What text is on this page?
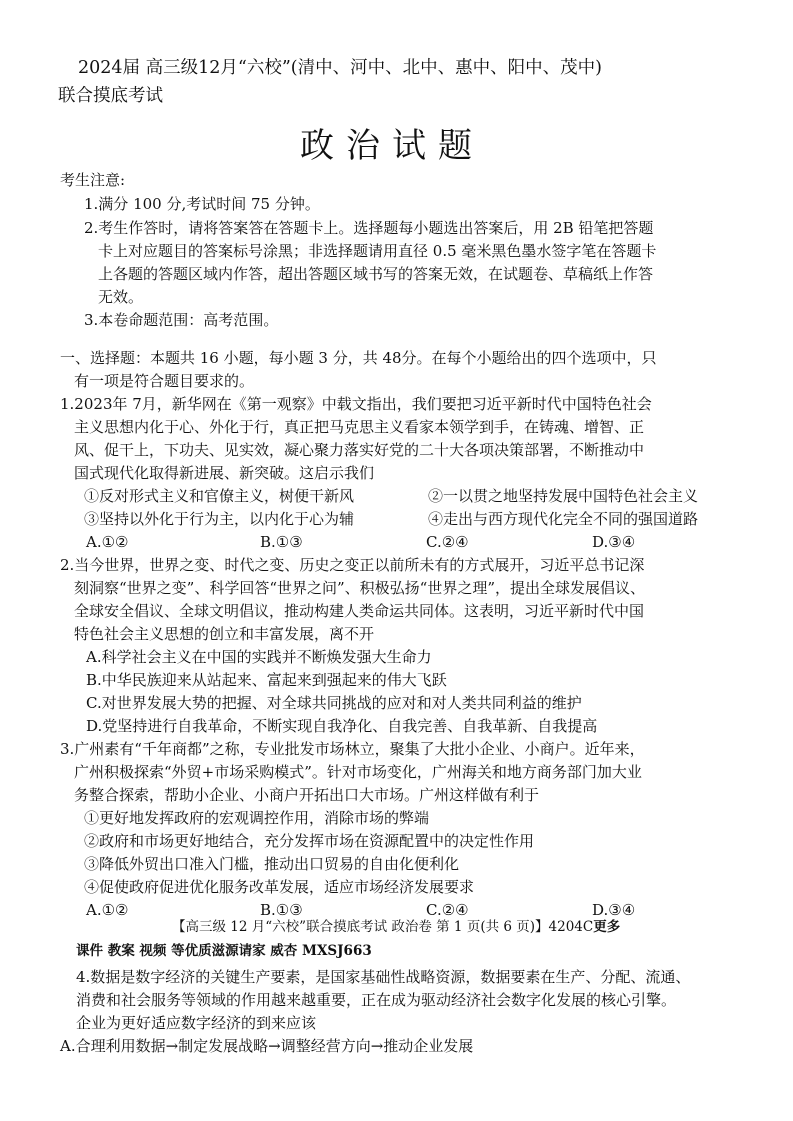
2024届 高三级12月“六校”(清中、河中、北中、惠中、阳中、茂中)
联合摸底考试
政治试题
考生注意:
1.满分 100 分,考试时间 75 分钟。
2.考生作答时，请将答案答在答题卡上。选择题每小题选出答案后，用 2B 铅笔把答题
卡上对应题目的答案标号涂黑；非选择题请用直径 0.5 毫米黑色墨水签字笔在答题卡
上各题的答题区域内作答，超出答题区域书写的答案无效，在试题卷、草稿纸上作答
无效。
3.本卷命题范围：高考范围。
一、选择题：本题共 16 小题，每小题 3 分，共 48分。在每个小题给出的四个选项中，只
有一项是符合题目要求的。
1.2023年 7月，新华网在《第一观察》中载文指出，我们要把习近平新时代中国特色社会
主义思想内化于心、外化于行，真正把马克思主义看家本领学到手，在铸魂、增智、正
风、促干上，下功夫、见实效，凝心聚力落实好党的二十大各项决策部署，不断推动中
国式现代化取得新进展、新突破。这启示我们
①反对形式主义和官僚主义，树便干新风	②一以贯之地坚持发展中国特色社会主义
③坚持以外化于行为主，以内化于心为辅	④走出与西方现代化完全不同的强国道路
A.①②	B.①③	C.②④	D.③④
2.当今世界，世界之变、时代之变、历史之变正以前所未有的方式展开，习近平总书记深
刻洞察“世界之变”、科学回答“世界之问”、积极弘扬“世界之理”，提出全球发展倡议、
全球安全倡议、全球文明倡议，推动构建人类命运共同体。这表明，习近平新时代中国
特色社会主义思想的创立和丰富发展，离不开
A.科学社会主义在中国的实践并不断焕发强大生命力
B.中华民族迎来从站起来、富起来到强起来的伟大飞跃
C.对世界发展大势的把握、对全球共同挑战的应对和对人类共同利益的维护
D.党坚持进行自我革命，不断实现自我净化、自我完善、自我革新、自我提高
3.广州素有“千年商都”之称，专业批发市场林立，聚集了大批小企业、小商户。近年来，
广州积极探索“外贸+市场采购模式”。针对市场变化，广州海关和地方商务部门加大业
务整合探索，帮助小企业、小商户开拓出口大市场。广州这样做有利于
①更好地发挥政府的宏观调控作用，消除市场的弊端
②政府和市场更好地结合，充分发挥市场在资源配置中的决定性作用
③降低外贸出口准入门槛，推动出口贸易的自由化便利化
④促使政府促进优化服务改革发展，适应市场经济发展要求
A.①②	B.①③	C.②④	D.③④
【高三级 12 月“六校”联合摸底考试 政治卷 第 1 页(共 6 页)】4204C更多
课件 教案 视频 等优质滋源请家 威杏 MXSJ663
4.数据是数字经济的关键生产要素，是国家基础性战略资源，数据要素在生产、分配、流通、
消费和社会服务等领域的作用越来越重要，正在成为驱动经济社会数字化发展的核心引擎。
企业为更好适应数字经济的到来应该
A.合理利用数据→制定发展战略→调整经营方向→推动企业发展
